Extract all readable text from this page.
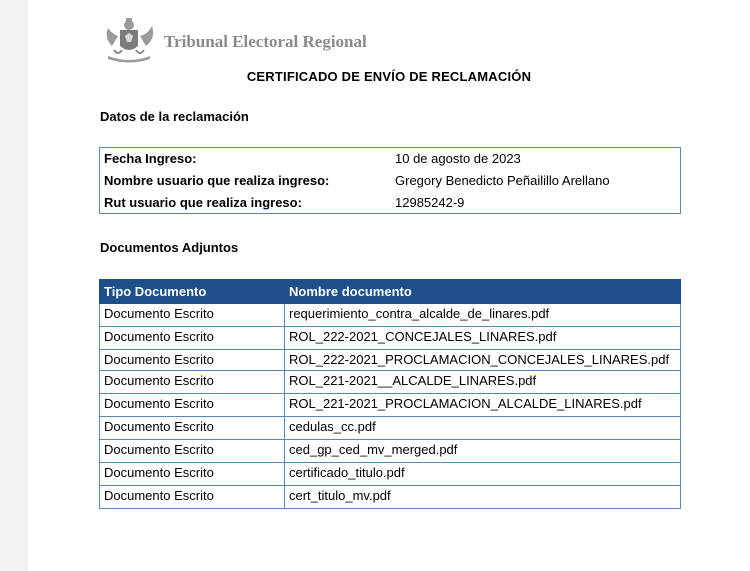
Tribunal Electoral Regional
CERTIFICADO DE ENVÍO DE RECLAMACIÓN
Datos de la reclamación
Fecha Ingreso:	10 de agosto de 2023
Nombre usuario que realiza ingreso:	Gregory Benedicto Peñailillo Arellano
Rut usuario que realiza ingreso:	12985242-9
Documentos Adjuntos
Tipo Documento	Nombre documento
Documento Escrito	requerimiento_contra_alcalde_de_linares.pdf
Documento Escrito	ROL_222-2021_CONCEJALES_LINARES.pdf
Documento Escrito	ROL_222-2021_PROCLAMACION_CONCEJALES_LINARES.pdf
Documento Escrito	ROL_221-2021__ALCALDE_LINARES.pdf
Documento Escrito	ROL_221-2021_PROCLAMACION_ALCALDE_LINARES.pdf
Documento Escrito	cedulas_cc.pdf
Documento Escrito	ced_gp_ced_mv_merged.pdf
Documento Escrito	certificado_titulo.pdf
Documento Escrito	cert_titulo_mv.pdf
